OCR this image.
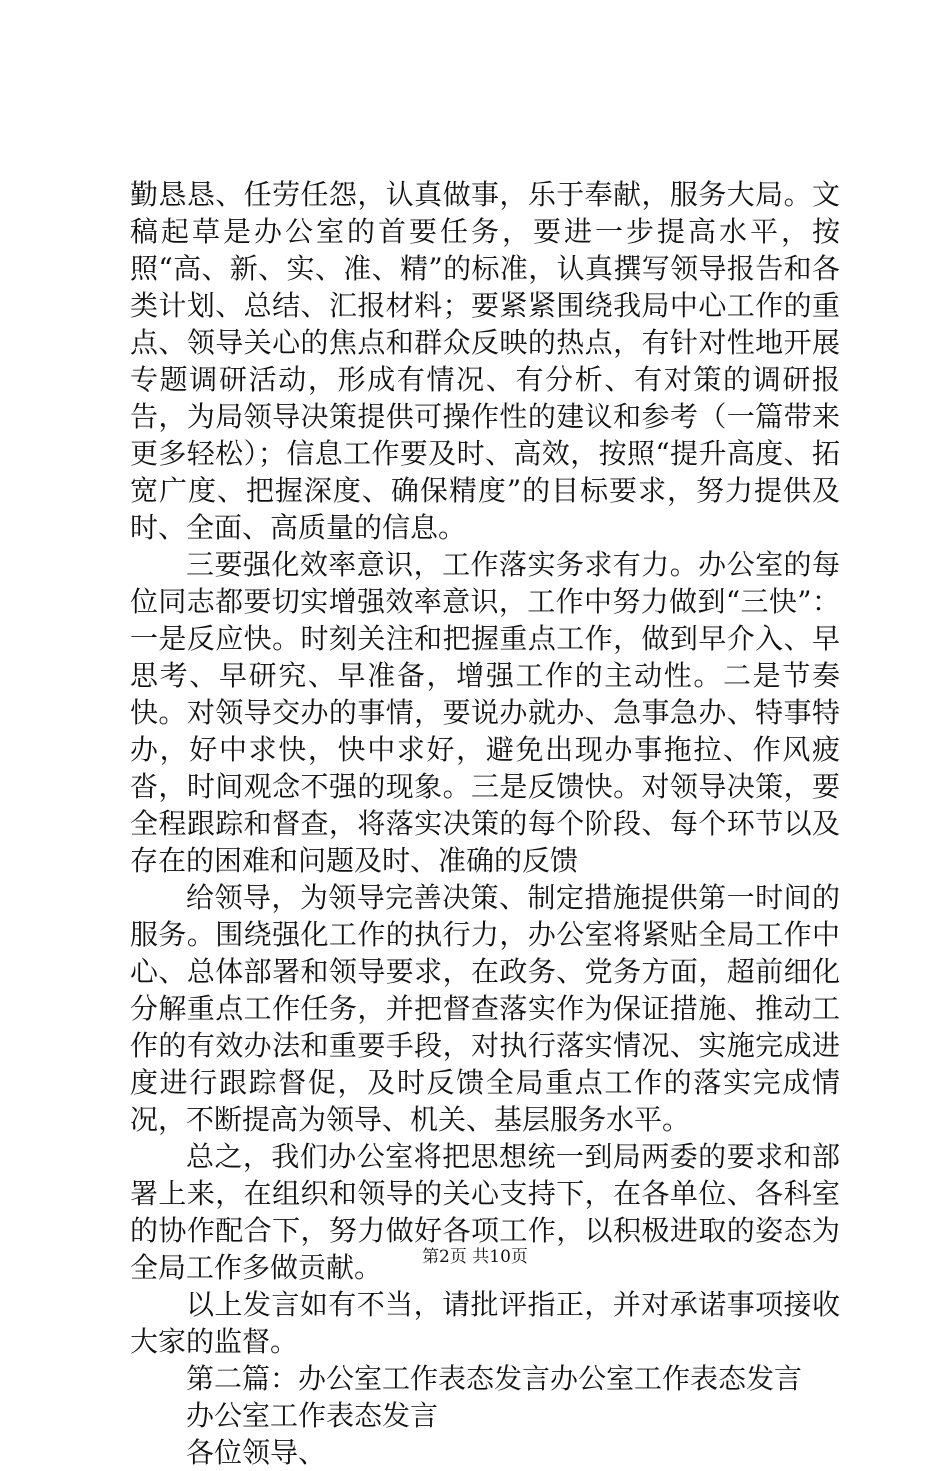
勤恳恳、任劳任怨，认真做事，乐于奉献，服务大局。文稿起草是办公室的首要任务，要进一步提高水平，按照“高、新、实、准、精”的标准，认真撰写领导报告和各类计划、总结、汇报材料；要紧紧围绕我局中心工作的重点、领导关心的焦点和群众反映的热点，有针对性地开展专题调研活动，形成有情况、有分析、有对策的调研报告，为局领导决策提供可操作性的建议和参考（一篇带来更多轻松）；信息工作要及时、高效，按照“提升高度、拓宽广度、把握深度、确保精度”的目标要求，努力提供及时、全面、高质量的信息。

三要强化效率意识，工作落实务求有力。办公室的每位同志都要切实增强效率意识，工作中努力做到“三快”：一是反应快。时刻关注和把握重点工作，做到早介入、早思考、早研究、早准备，增强工作的主动性。二是节奏快。对领导交办的事情，要说办就办、急事急办、特事特办，好中求快，快中求好，避免出现办事拖拉、作风疲沓，时间观念不强的现象。三是反馈快。对领导决策，要全程跟踪和督查，将落实决策的每个阶段、每个环节以及存在的困难和问题及时、准确的反馈

给领导，为领导完善决策、制定措施提供第一时间的服务。围绕强化工作的执行力，办公室将紧贴全局工作中心、总体部署和领导要求，在政务、党务方面，超前细化分解重点工作任务，并把督查落实作为保证措施、推动工作的有效办法和重要手段，对执行落实情况、实施完成进度进行跟踪督促，及时反馈全局重点工作的落实完成情况，不断提高为领导、机关、基层服务水平。

总之，我们办公室将把思想统一到局两委的要求和部署上来，在组织和领导的关心支持下，在各单位、各科室的协作配合下，努力做好各项工作，以积极进取的姿态为全局工作多做贡献。

以上发言如有不当，请批评指正，并对承诺事项接收大家的监督。

第二篇：办公室工作表态发言办公室工作表态发言

办公室工作表态发言

各位领导、

第2页 共10页
